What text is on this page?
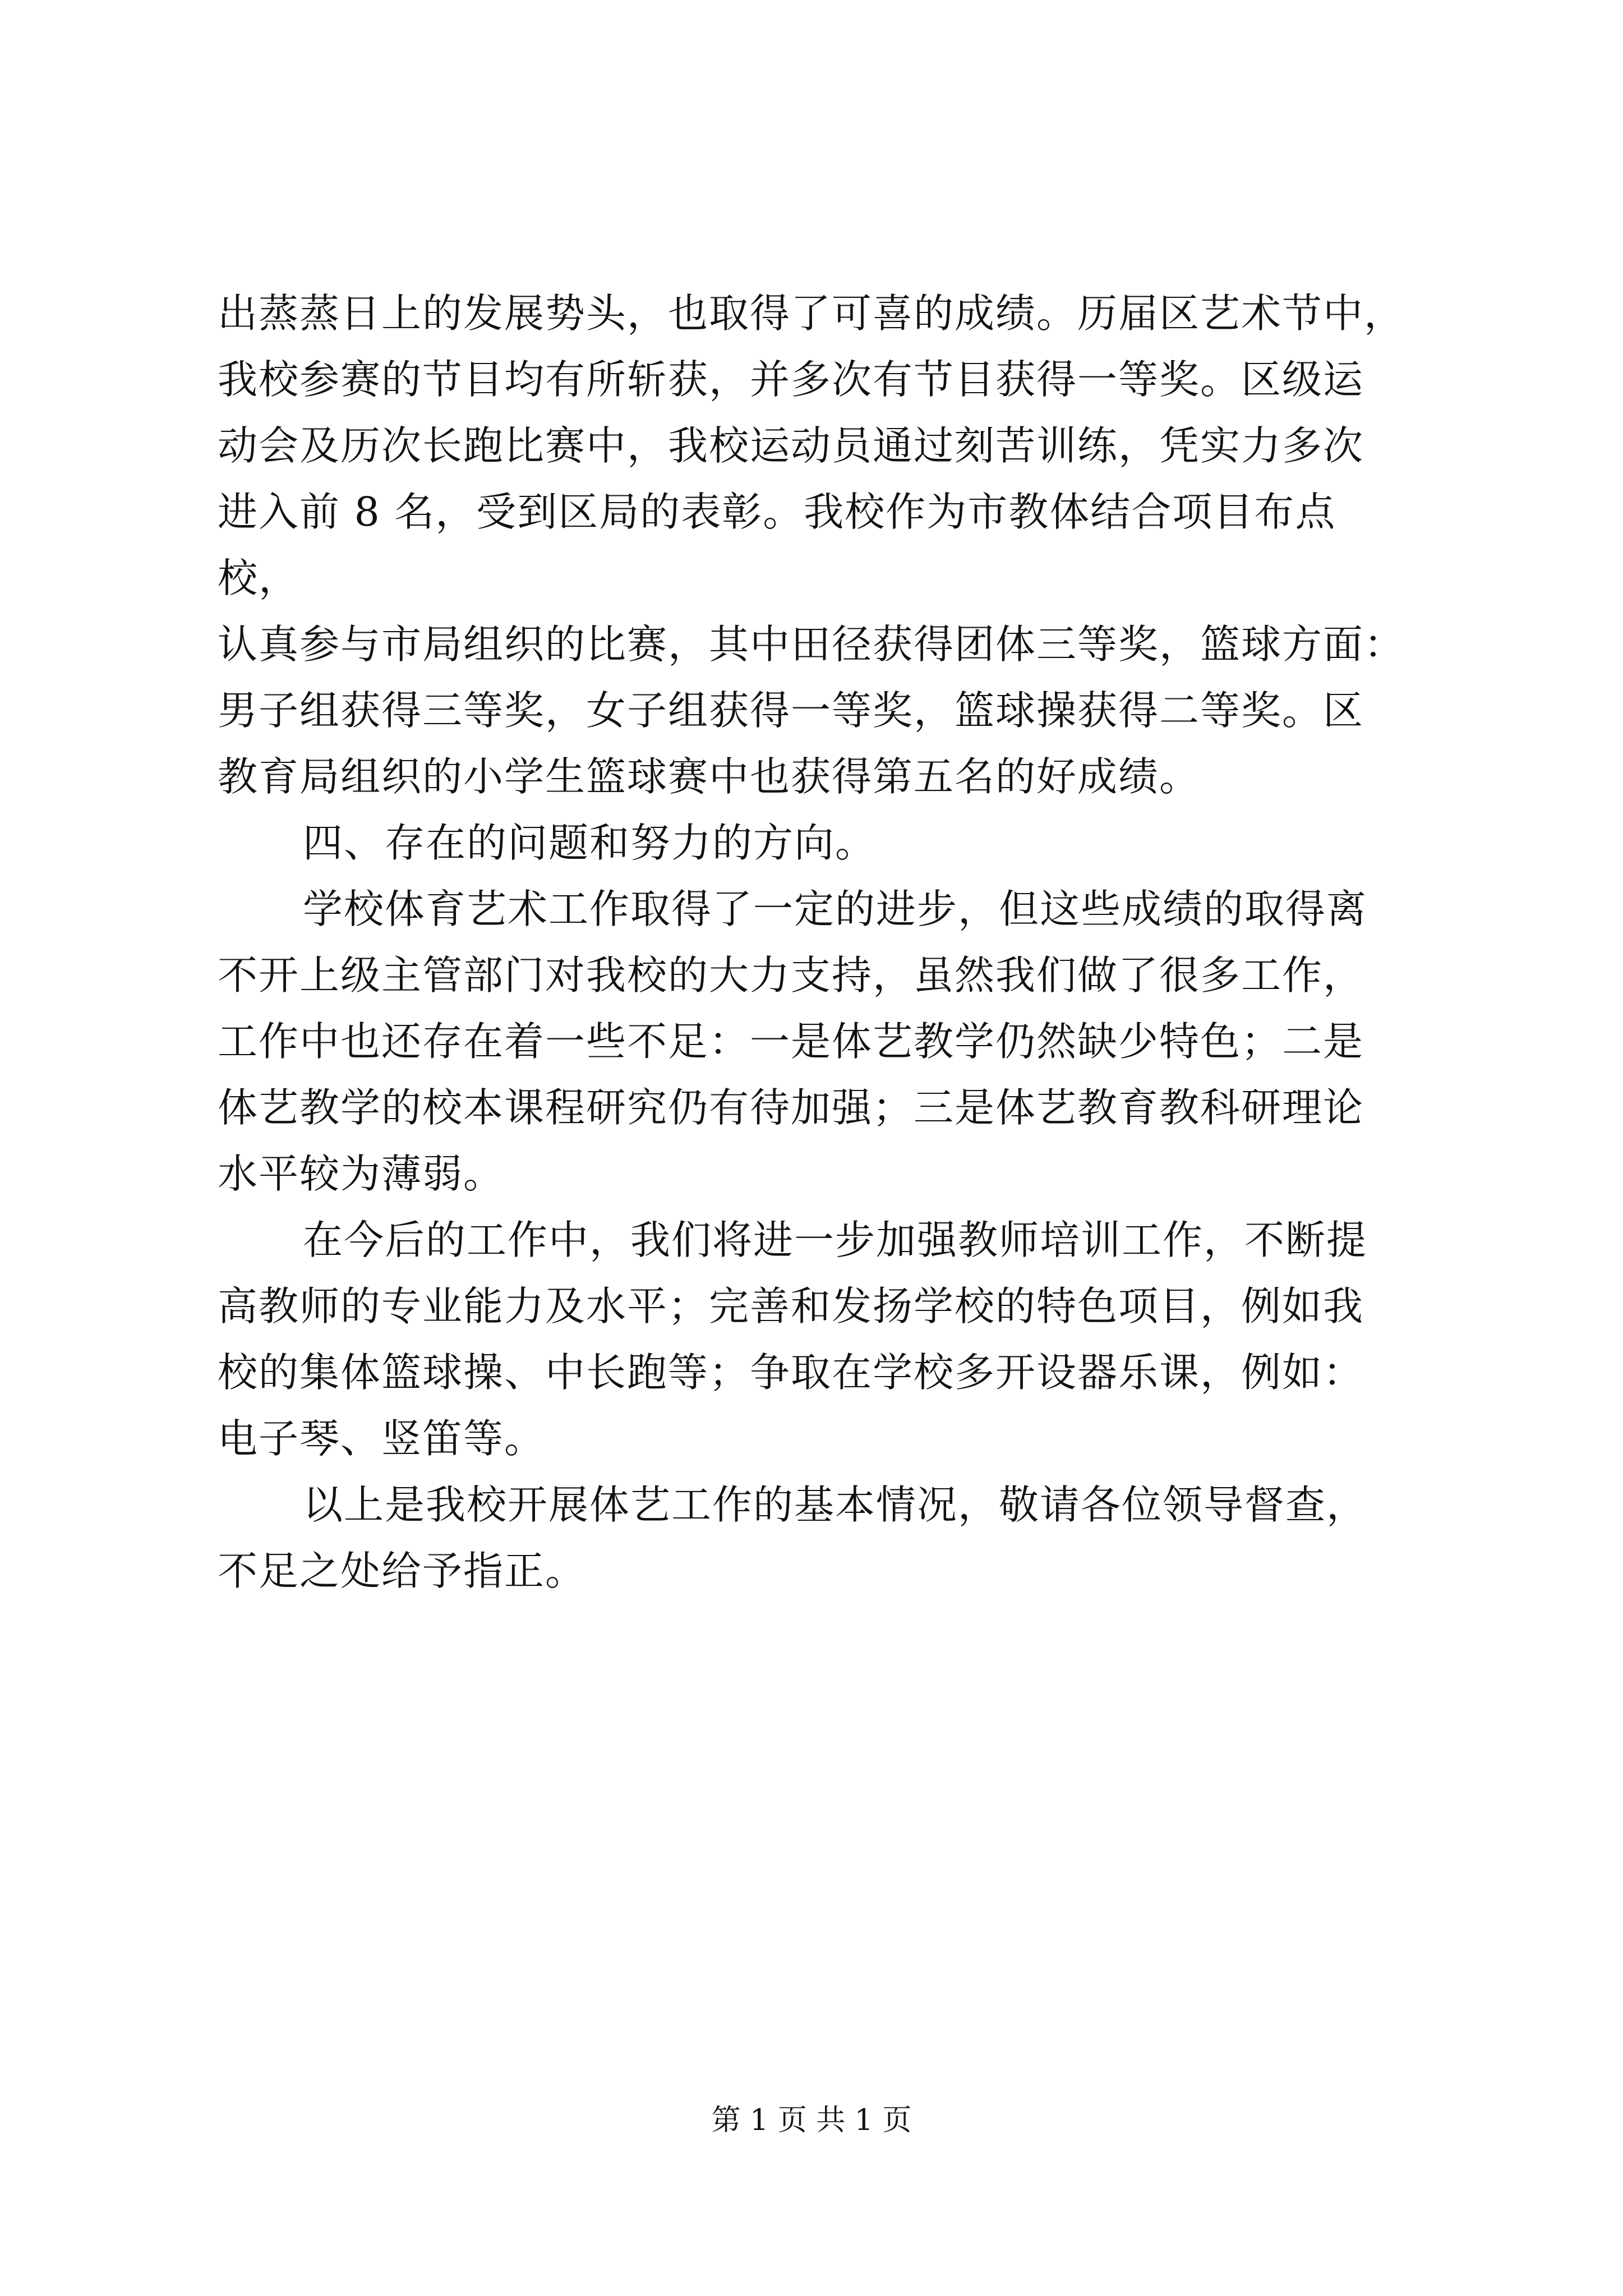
出蒸蒸日上的发展势头，也取得了可喜的成绩。历届区艺术节中，
我校参赛的节目均有所斩获，并多次有节目获得一等奖。区级运
动会及历次长跑比赛中，我校运动员通过刻苦训练，凭实力多次
进入前 8 名，受到区局的表彰。我校作为市教体结合项目布点校，
认真参与市局组织的比赛，其中田径获得团体三等奖，篮球方面：
男子组获得三等奖，女子组获得一等奖，篮球操获得二等奖。区
教育局组织的小学生篮球赛中也获得第五名的好成绩。

四、存在的问题和努力的方向。

学校体育艺术工作取得了一定的进步，但这些成绩的取得离
不开上级主管部门对我校的大力支持，虽然我们做了很多工作，
工作中也还存在着一些不足：一是体艺教学仍然缺少特色；二是
体艺教学的校本课程研究仍有待加强；三是体艺教育教科研理论
水平较为薄弱。

在今后的工作中，我们将进一步加强教师培训工作，不断提
高教师的专业能力及水平；完善和发扬学校的特色项目，例如我
校的集体篮球操、中长跑等；争取在学校多开设器乐课，例如：
电子琴、竖笛等。

以上是我校开展体艺工作的基本情况，敬请各位领导督查，
不足之处给予指正。

第 1 页 共 1 页
